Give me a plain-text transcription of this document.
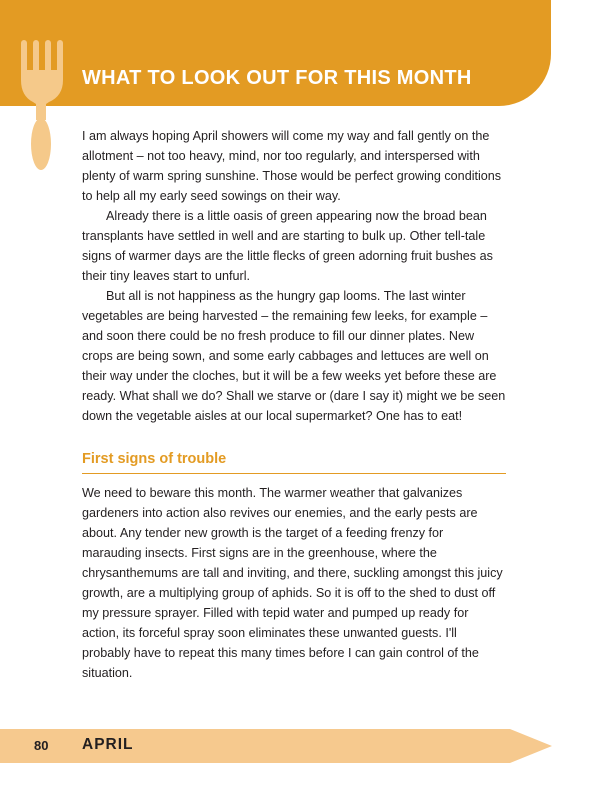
WHAT TO LOOK OUT FOR THIS MONTH

I am always hoping April showers will come my way and fall gently on the allotment – not too heavy, mind, nor too regularly, and interspersed with plenty of warm spring sunshine. Those would be perfect growing conditions to help all my early seed sowings on their way.

Already there is a little oasis of green appearing now the broad bean transplants have settled in well and are starting to bulk up. Other tell-tale signs of warmer days are the little flecks of green adorning fruit bushes as their tiny leaves start to unfurl.

But all is not happiness as the hungry gap looms. The last winter vegetables are being harvested – the remaining few leeks, for example – and soon there could be no fresh produce to fill our dinner plates. New crops are being sown, and some early cabbages and lettuces are well on their way under the cloches, but it will be a few weeks yet before these are ready. What shall we do? Shall we starve or (dare I say it) might we be seen down the vegetable aisles at our local supermarket? One has to eat!

First signs of trouble

We need to beware this month. The warmer weather that galvanizes gardeners into action also revives our enemies, and the early pests are about. Any tender new growth is the target of a feeding frenzy for marauding insects. First signs are in the greenhouse, where the chrysanthemums are tall and inviting, and there, suckling amongst this juicy growth, are a multiplying group of aphids. So it is off to the shed to dust off my pressure sprayer. Filled with tepid water and pumped up ready for action, its forceful spray soon eliminates these unwanted guests. I'll probably have to repeat this many times before I can gain control of the situation.

80 APRIL
